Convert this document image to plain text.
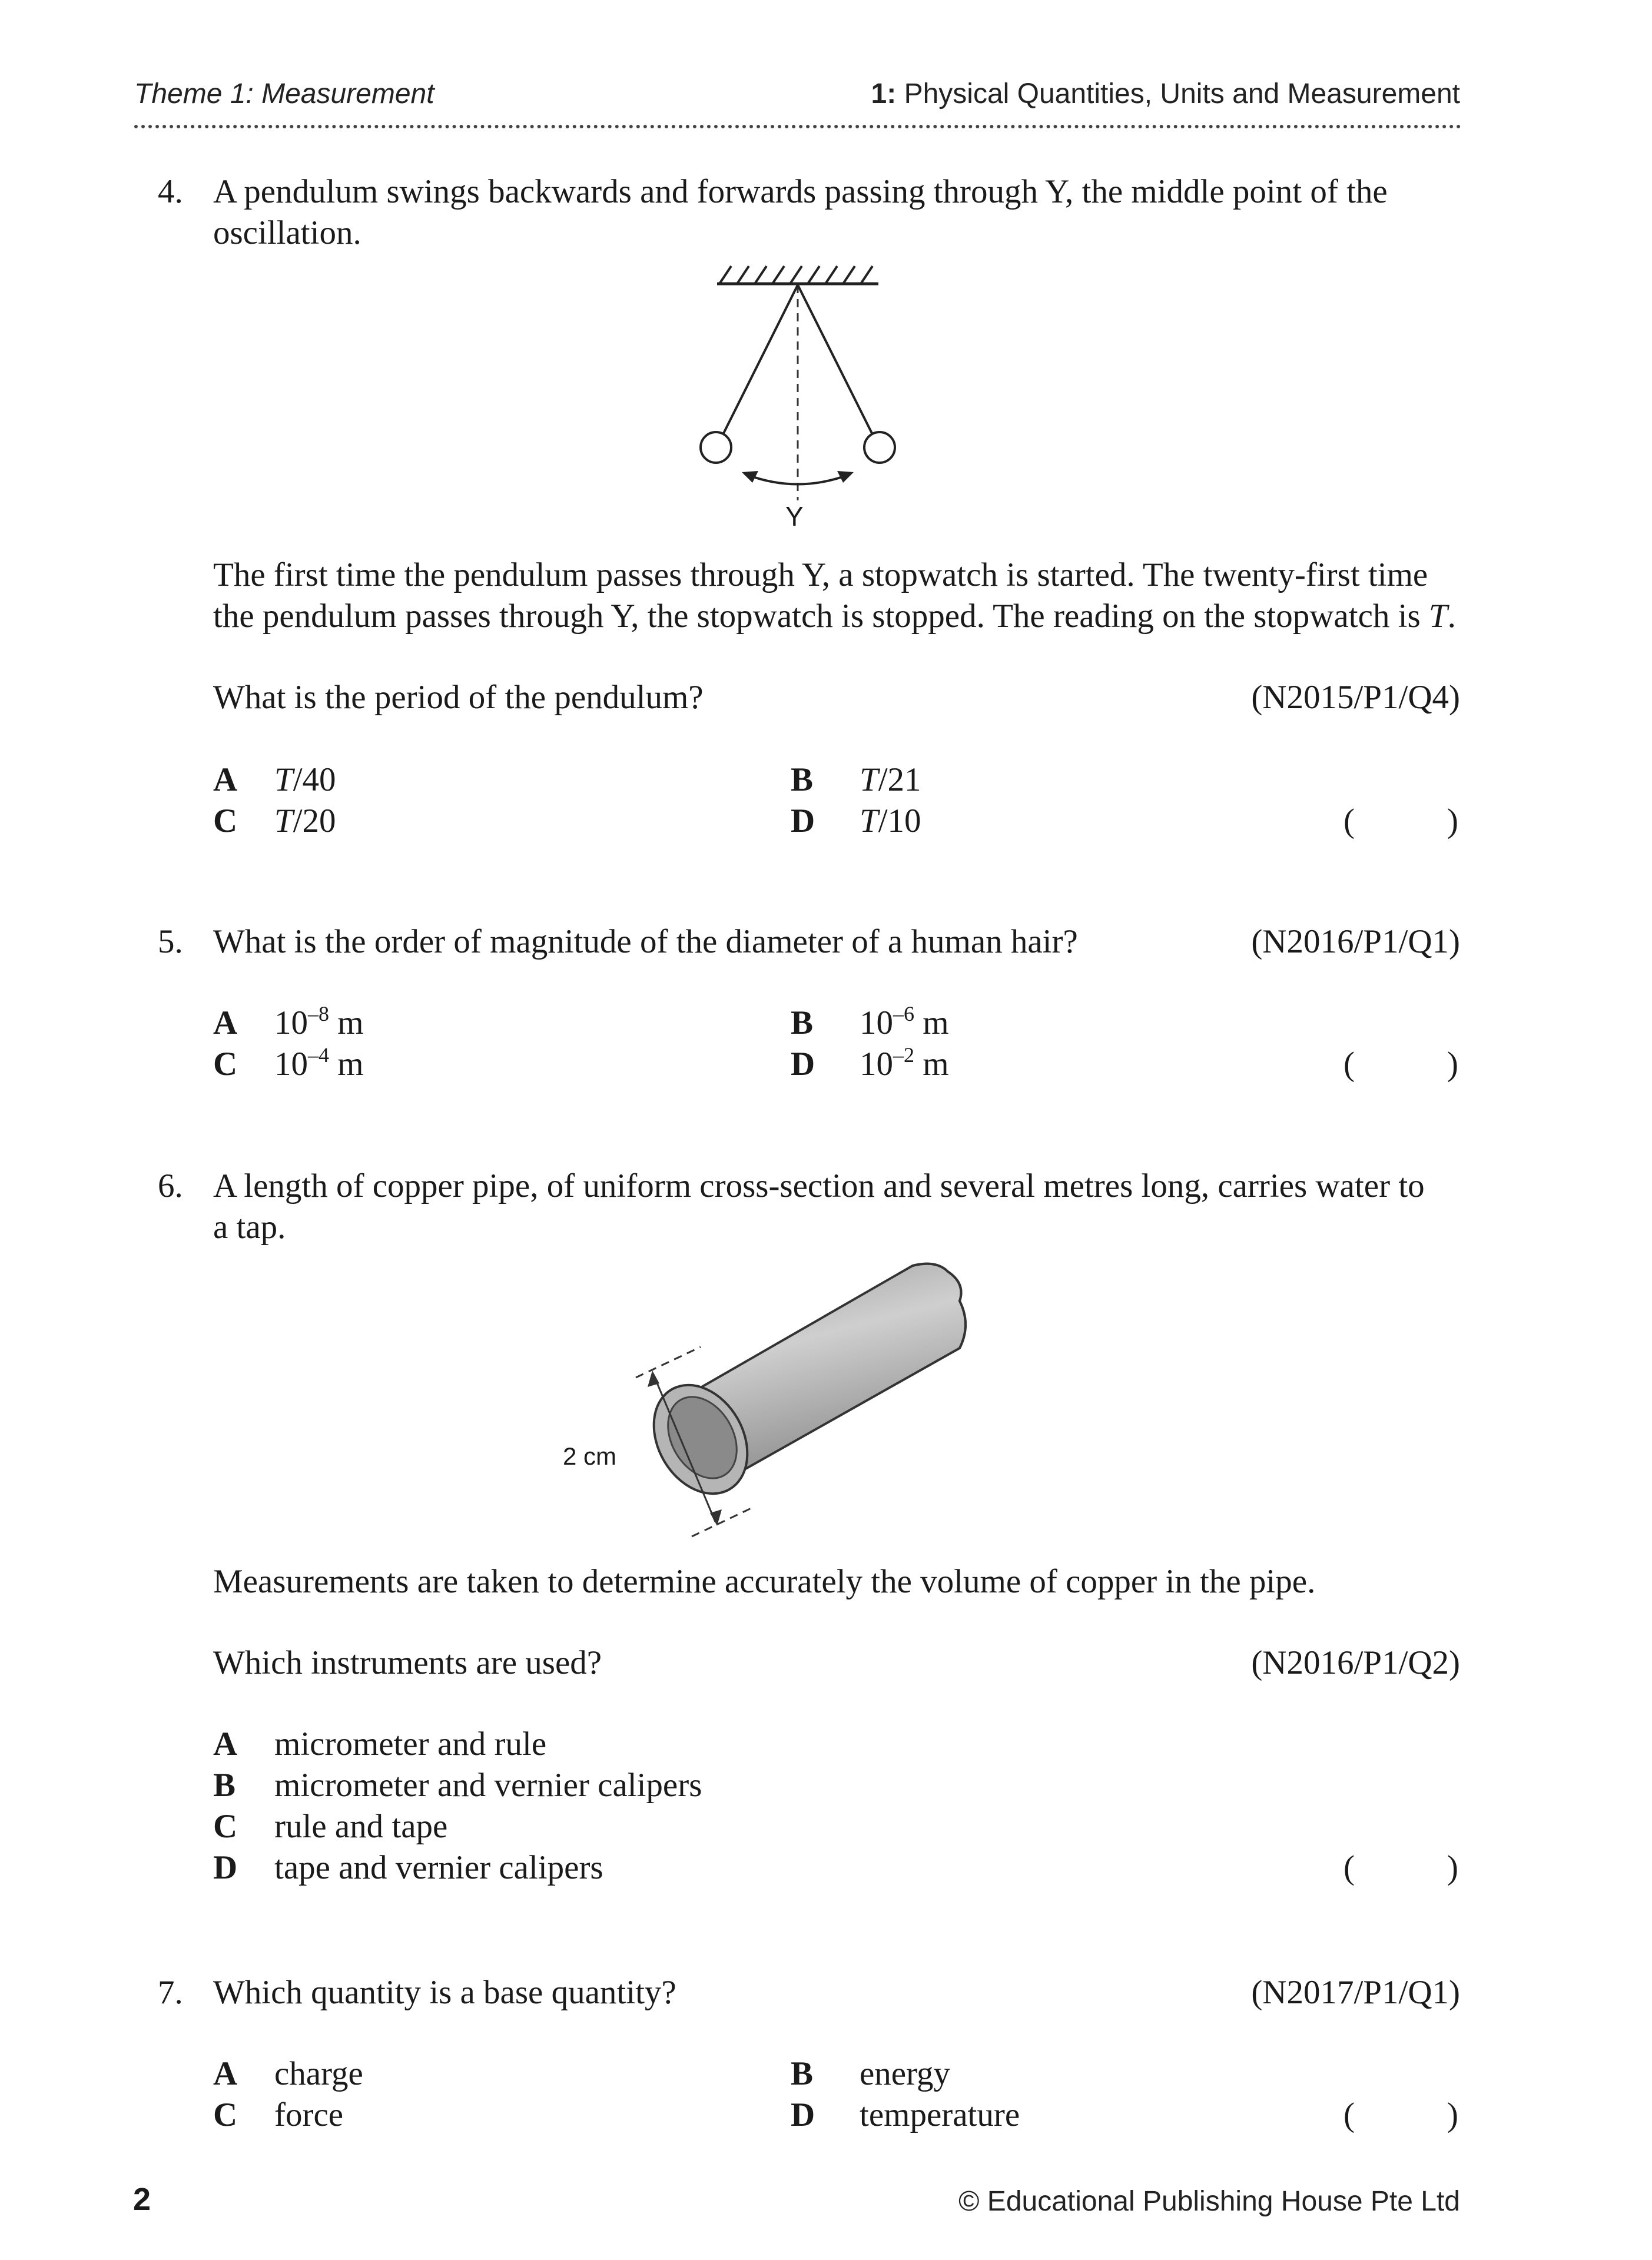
Theme 1: Measurement	1: Physical Quantities, Units and Measurement
4. A pendulum swings backwards and forwards passing through Y, the middle point of the
oscillation.
Y
The first time the pendulum passes through Y, a stopwatch is started. The twenty-first time
the pendulum passes through Y, the stopwatch is stopped. The reading on the stopwatch is T.
What is the period of the pendulum?	(N2015/P1/Q4)
A T/40	B T/21
C T/20	D T/10	(	)
5. What is the order of magnitude of the diameter of a human hair?	(N2016/P1/Q1)
A $10^{-8}$ m	B $10^{-6}$ m
C $10^{-4}$ m	D $10^{-2}$ m	(	)
6. A length of copper pipe, of uniform cross-section and several metres long, carries water to
a tap.
2 cm
Measurements are taken to determine accurately the volume of copper in the pipe.
Which instruments are used?	(N2016/P1/Q2)
A micrometer and rule
B micrometer and vernier calipers
C rule and tape
D tape and vernier calipers	(	)
7. Which quantity is a base quantity?	(N2017/P1/Q1)
A charge	B energy
C force	D temperature	(	)
2	© Educational Publishing House Pte Ltd
